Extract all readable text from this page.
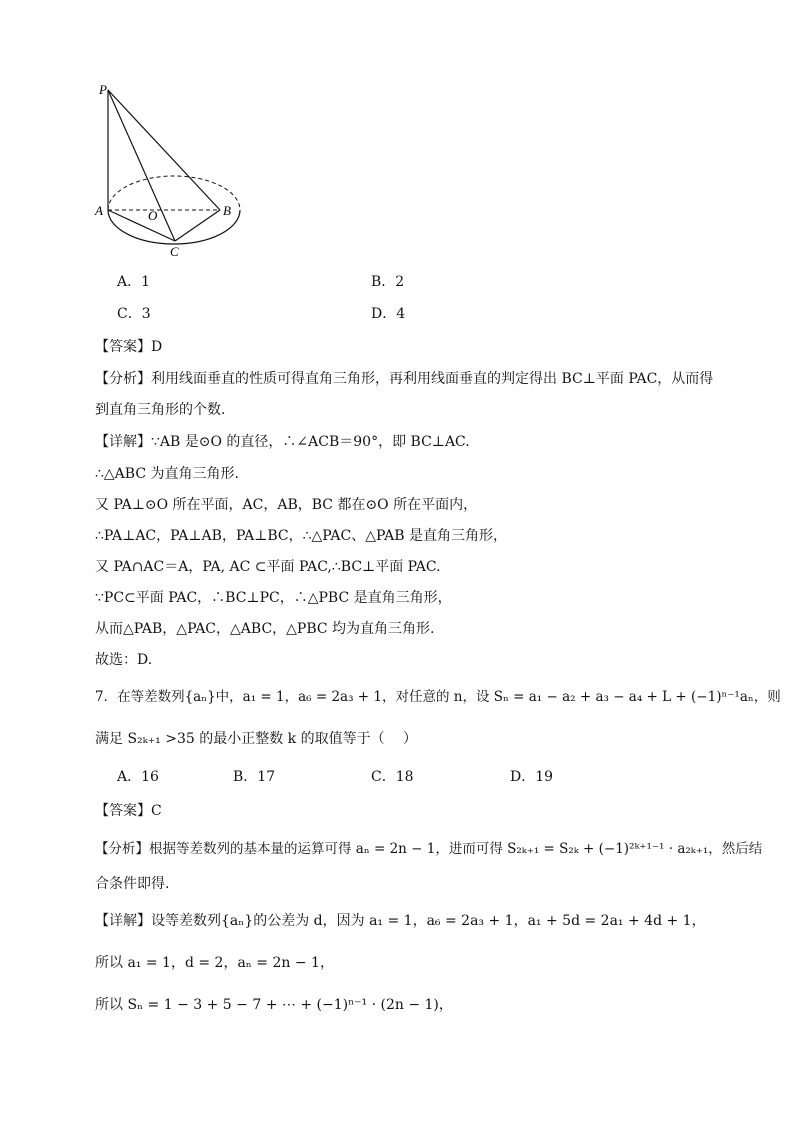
P
A	O	B
C
A．1	B．2
C．3	D．4
【答案】D
【分析】利用线面垂直的性质可得直角三角形，再利用线面垂直的判定得出 BC⊥平面 PAC，从而得
到直角三角形的个数.
【详解】∵AB 是⊙O 的直径，∴∠ACB＝90°，即 BC⊥AC.
∴△ABC 为直角三角形.
又 PA⊥⊙O 所在平面，AC，AB，BC 都在⊙O 所在平面内，
∴PA⊥AC，PA⊥AB，PA⊥BC，∴△PAC、△PAB 是直角三角形，
又 PA∩AC＝A，PA, AC ⊂平面 PAC,∴BC⊥平面 PAC.
∵PC⊂平面 PAC，∴BC⊥PC，∴△PBC 是直角三角形，
从而△PAB，△PAC，△ABC，△PBC 均为直角三角形.
故选：D.
7．在等差数列{aₙ}中，a₁ = 1，a₆ = 2a₃ + 1，对任意的 n，设 Sₙ = a₁ − a₂ + a₃ − a₄ + L + (−1)ⁿ⁻¹aₙ，则
满足 S₂ₖ₊₁ >35 的最小正整数 k 的取值等于（　 ）
A．16	B．17	C．18	D．19
【答案】C
【分析】根据等差数列的基本量的运算可得 aₙ = 2n − 1，进而可得 S₂ₖ₊₁ = S₂ₖ + (−1)²ᵏ⁺¹⁻¹ · a₂ₖ₊₁，然后结
合条件即得.
【详解】设等差数列{aₙ}的公差为 d，因为 a₁ = 1，a₆ = 2a₃ + 1，a₁ + 5d = 2a₁ + 4d + 1，
所以 a₁ = 1，d = 2，aₙ = 2n − 1，
所以 Sₙ = 1 − 3 + 5 − 7 + ⋯ + (−1)ⁿ⁻¹ · (2n − 1)，
